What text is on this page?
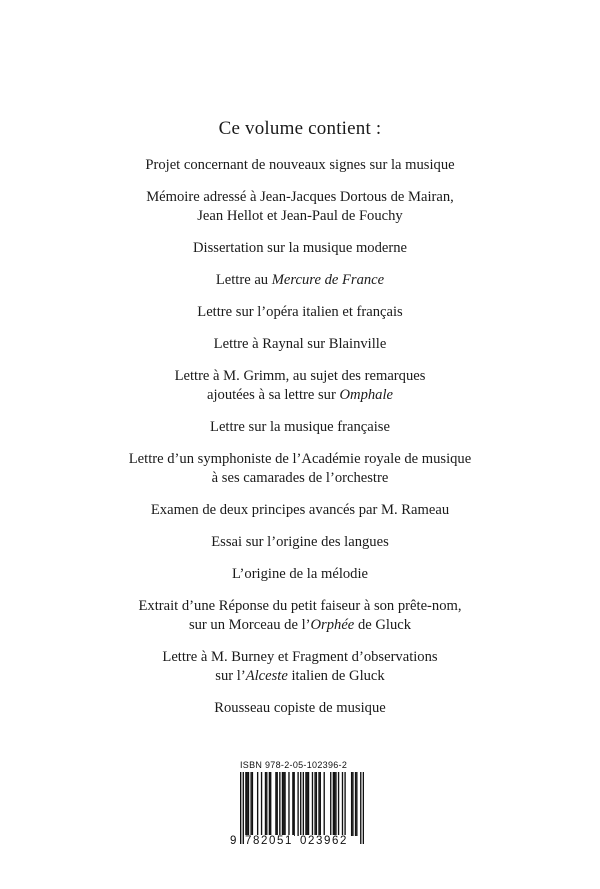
Ce volume contient :
Projet concernant de nouveaux signes sur la musique
Mémoire adressé à Jean-Jacques Dortous de Mairan,
Jean Hellot et Jean-Paul de Fouchy
Dissertation sur la musique moderne
Lettre au Mercure de France
Lettre sur l’opéra italien et français
Lettre à Raynal sur Blainville
Lettre à M. Grimm, au sujet des remarques
ajoutées à sa lettre sur Omphale
Lettre sur la musique française
Lettre d’un symphoniste de l’Académie royale de musique
à ses camarades de l’orchestre
Examen de deux principes avancés par M. Rameau
Essai sur l’origine des langues
L’origine de la mélodie
Extrait d’une Réponse du petit faiseur à son prête-nom,
sur un Morceau de l’Orphée de Gluck
Lettre à M. Burney et Fragment d’observations
sur l’Alceste italien de Gluck
Rousseau copiste de musique
ISBN 978-2-05-102396-2
9 782051 023962
